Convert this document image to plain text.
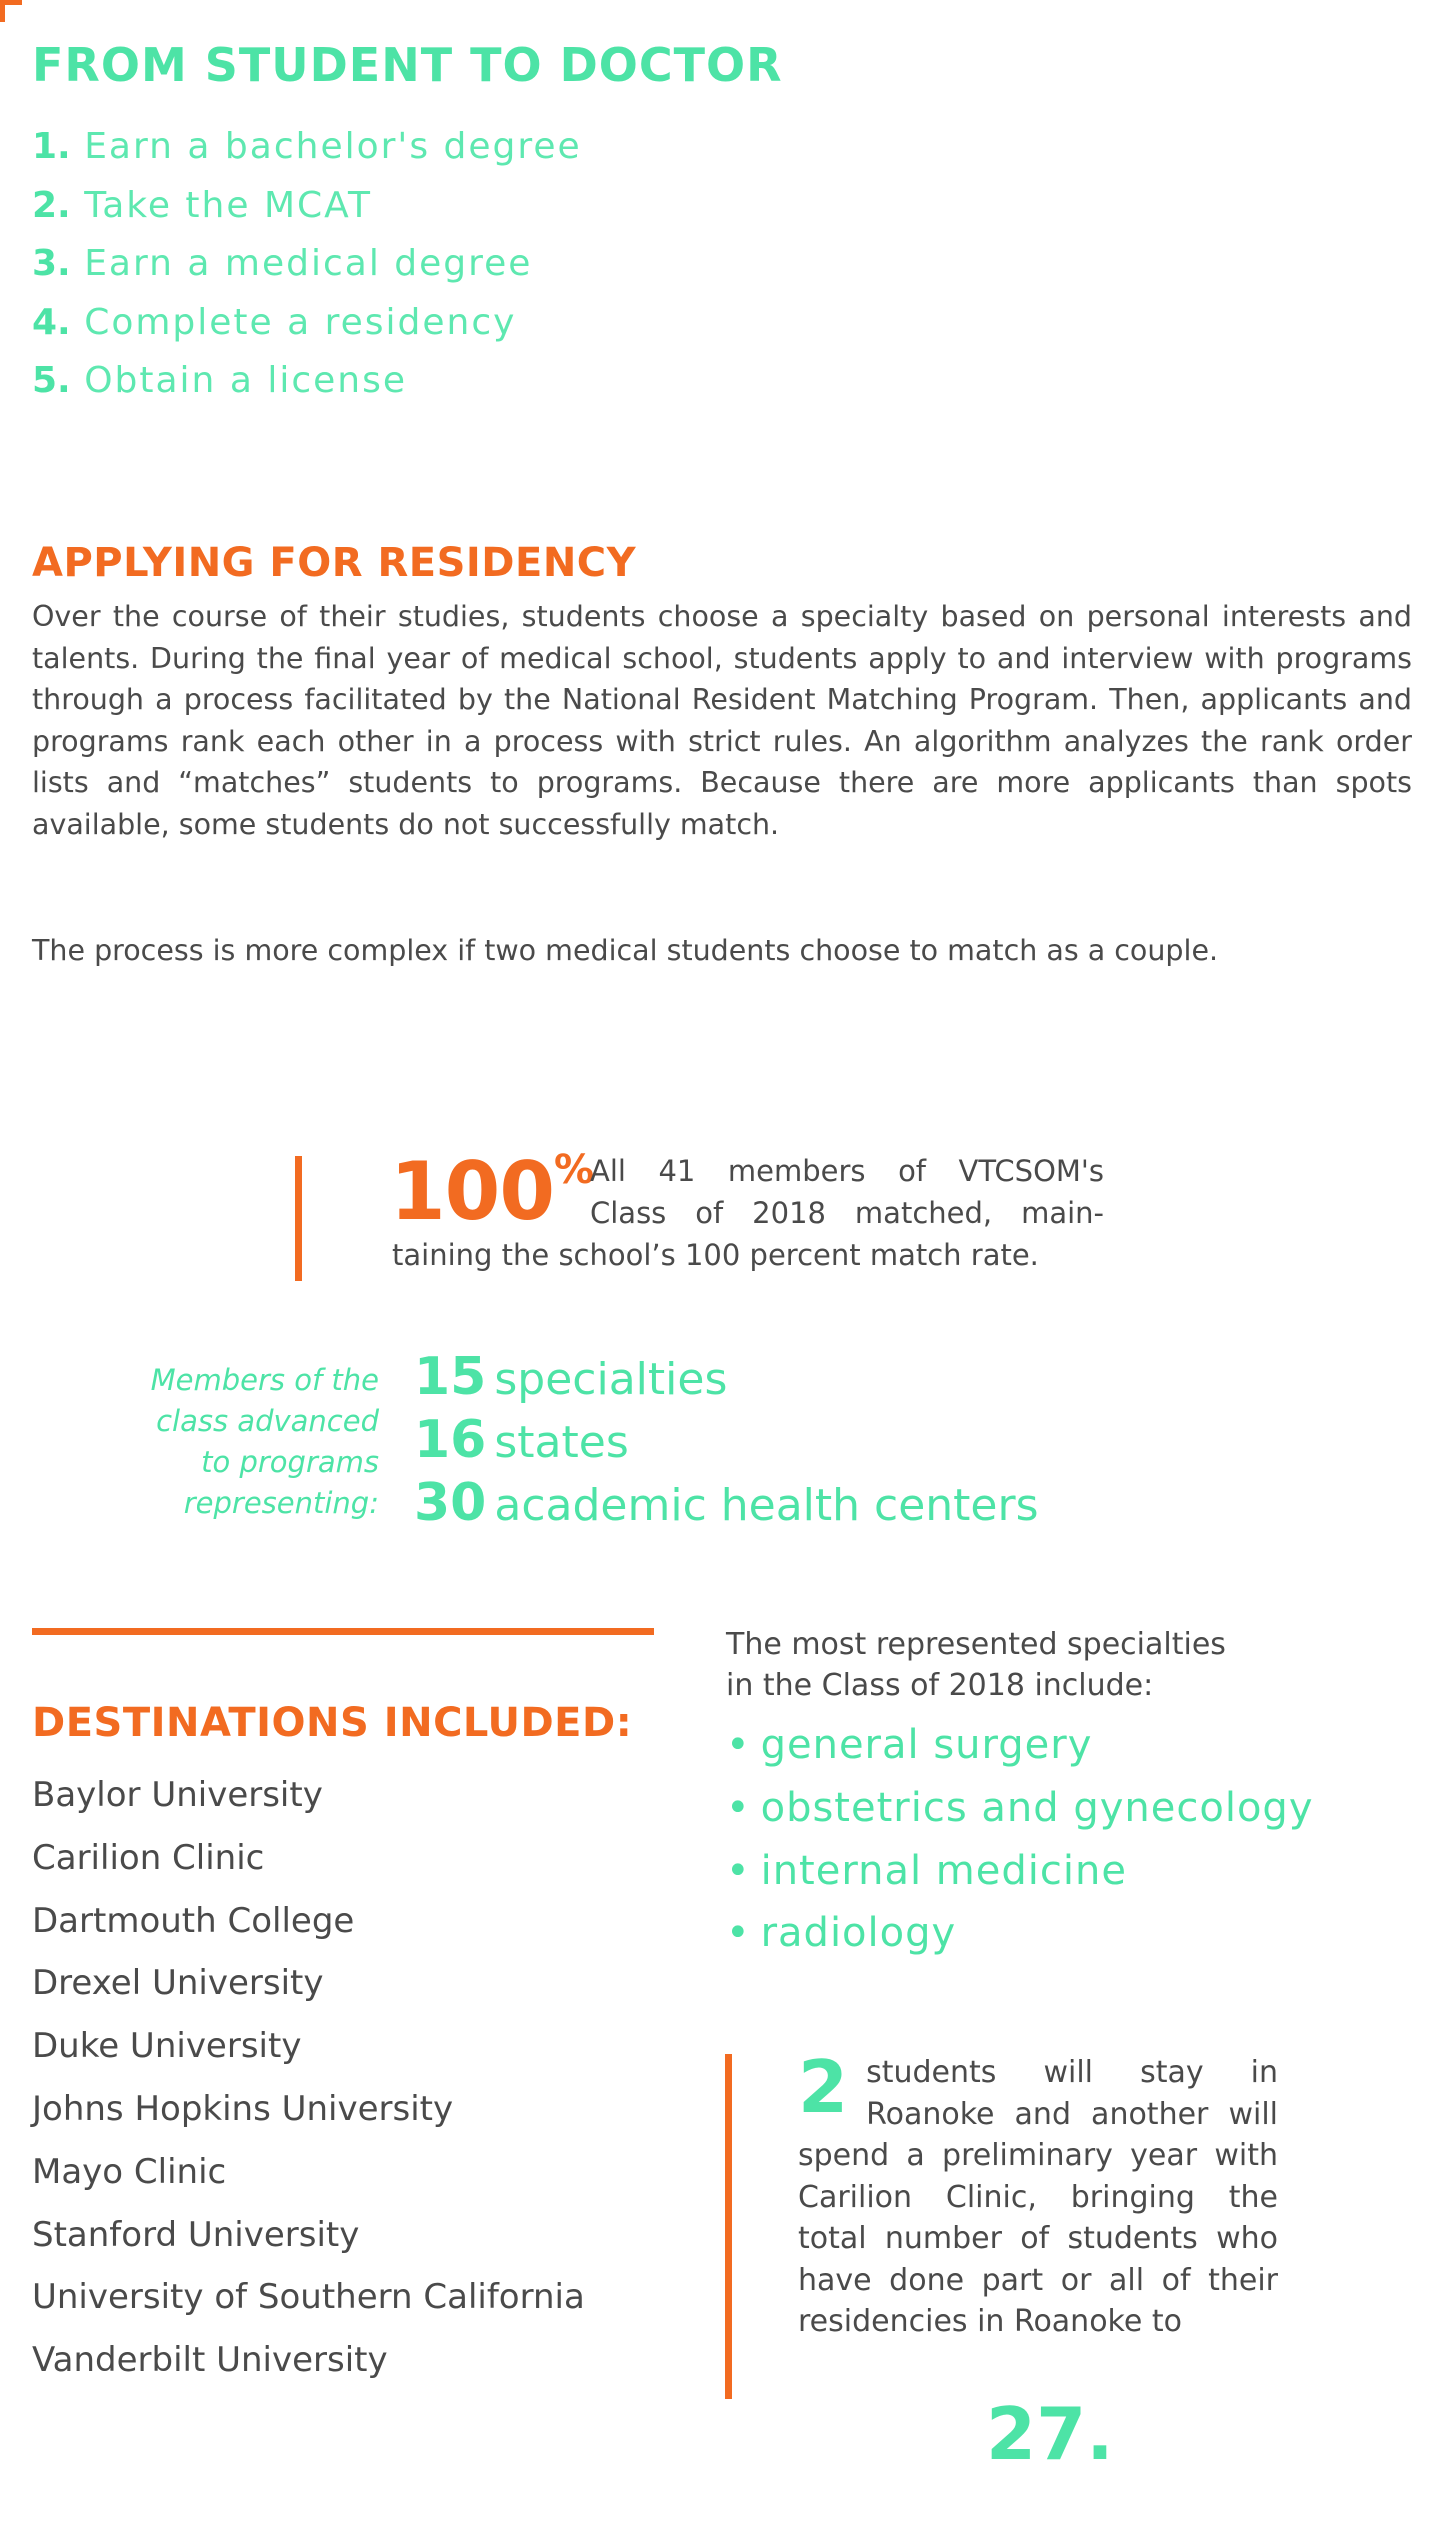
FROM STUDENT TO DOCTOR
1. Earn a bachelor's degree
2. Take the MCAT
3. Earn a medical degree
4. Complete a residency
5. Obtain a license
APPLYING FOR RESIDENCY

Over the course of their studies, students choose a specialty based on personal interests and talents. During the final year of medical school, students apply to and interview with programs through a process facilitated by the National Resident Matching Program. Then, applicants and programs rank each other in a process with strict rules. An algorithm analyzes the rank order lists and “matches” students to programs. Because there are more applicants than spots available, some students do not successfully match.

The process is more complex if two medical students choose to match as a couple.

100%

All 41 members of VTCSOM's
Class of 2018 matched, main-
taining the school’s 100 percent match rate.

Members of the
class advanced
to programs
representing:

15 specialties
16 states
30 academic health centers
DESTINATIONS INCLUDED:
Baylor University
Carilion Clinic
Dartmouth College
Drexel University
Duke University
Johns Hopkins University
Mayo Clinic
Stanford University
University of Southern California
Vanderbilt University

The most represented specialties
in the Class of 2018 include:

• general surgery
• obstetrics and gynecology
• internal medicine
• radiology

2 students will stay in Roanoke and another will spend a preliminary year with Carilion Clinic, bringing the total number of students who have done part or all of their residencies in Roanoke to

27.
